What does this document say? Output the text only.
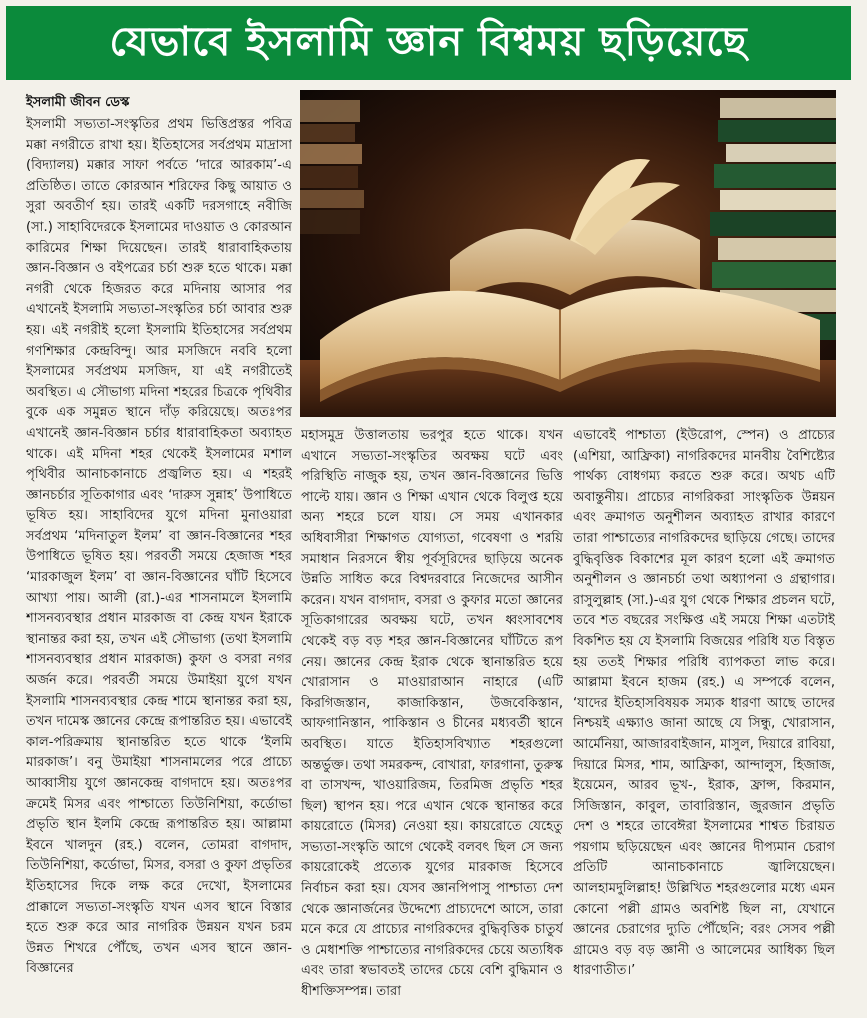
যেভাবে ইসলামি জ্ঞান বিশ্বময় ছড়িয়েছে
ইসলামী জীবন ডেস্ক

ইসলামী সভ্যতা-সংস্কৃতির প্রথম ভিত্তিপ্রস্তর পবিত্র মক্কা নগরীতে রাখা হয়। ইতিহাসের সর্বপ্রথম মাদ্রাসা (বিদ্যালয়) মক্কার সাফা পর্বতে ‘দারে আরকাম’-এ প্রতিষ্ঠিত। তাতে কোরআন শরিফের কিছু আয়াত ও সুরা অবতীর্ণ হয়। তারই একটি দরসগাহে নবীজি (সা.) সাহাবিদেরকে ইসলামের দাওয়াত ও কোরআন কারিমের শিক্ষা দিয়েছেন। তারই ধারাবাহিকতায় জ্ঞান-বিজ্ঞান ও বইপত্রের চর্চা শুরু হতে থাকে। মক্কা নগরী থেকে হিজরত করে মদিনায় আসার পর এখানেই ইসলামি সভ্যতা-সংস্কৃতির চর্চা আবার শুরু হয়। এই নগরীই হলো ইসলামি ইতিহাসের সর্বপ্রথম গণশিক্ষার কেন্দ্রবিন্দু। আর মসজিদে নববি হলো ইসলামের সর্বপ্রথম মসজিদ, যা এই নগরীতেই অবস্থিত। এ সৌভাগ্য মদিনা শহরের চিত্রকে পৃথিবীর বুকে এক সমুন্নত স্থানে দাঁড় করিয়েছে। অতঃপর এখানেই জ্ঞান-বিজ্ঞান চর্চার ধারাবাহিকতা অব্যাহত থাকে। এই মদিনা শহর থেকেই ইসলামের মশাল পৃথিবীর আনাচকানাচে প্রজ্বলিত হয়। এ শহরই জ্ঞানচর্চার সূতিকাগার এবং ‘দারুস সুন্নাহ’ উপাধিতে ভূষিত হয়। সাহাবিদের যুগে মদিনা মুনাওয়ারা সর্বপ্রথম ‘মদিনাতুল ইলম’ বা জ্ঞান-বিজ্ঞানের শহর উপাধিতে ভূষিত হয়। পরবর্তী সময়ে হেজাজ শহর ‘মারকাজুল ইলম’ বা জ্ঞান-বিজ্ঞানের ঘাঁটি হিসেবে আখ্যা পায়। আলী (রা.)-এর শাসনামলে ইসলামি শাসনব্যবস্থার প্রধান মারকাজ বা কেন্দ্র যখন ইরাকে স্থানান্তর করা হয়, তখন এই সৌভাগ্য (তথা ইসলামি শাসনব্যবস্থার প্রধান মারকাজ) কুফা ও বসরা নগর অর্জন করে। পরবর্তী সময়ে উমাইয়া যুগে যখন ইসলামি শাসনব্যবস্থার কেন্দ্র শামে স্থানান্তর করা হয়, তখন দামেস্ক জ্ঞানের কেন্দ্রে রূপান্তরিত হয়। এভাবেই কাল-পরিক্রমায় স্থানান্তরিত হতে থাকে ‘ইলমি মারকাজ’। বনু উমাইয়া শাসনামলের পরে প্রাচ্যে আব্বাসীয় যুগে জ্ঞানকেন্দ্র বাগদাদে হয়। অতঃপর ক্রমেই মিসর এবং পাশ্চাত্যে তিউনিশিয়া, কর্ডোভা প্রভৃতি স্থান ইলমি কেন্দ্রে রূপান্তরিত হয়। আল্লামা ইবনে খালদুন (রহ.) বলেন, তোমরা বাগদাদ, তিউনিশিয়া, কর্ডোভা, মিসর, বসরা ও কুফা প্রভৃতির ইতিহাসের দিকে লক্ষ করে দেখো, ইসলামের প্রাক্কালে সভ্যতা-সংস্কৃতি যখন এসব স্থানে বিস্তার হতে শুরু করে আর নাগরিক উন্নয়ন যখন চরম উন্নত শিখরে পৌঁছে, তখন এসব স্থানে জ্ঞান-বিজ্ঞানের

মহাসমুদ্র উত্তালতায় ভরপুর হতে থাকে। যখন এখানে সভ্যতা-সংস্কৃতির অবক্ষয় ঘটে এবং পরিস্থিতি নাজুক হয়, তখন জ্ঞান-বিজ্ঞানের ভিত্তি পাল্টে যায়। জ্ঞান ও শিক্ষা এখান থেকে বিলুপ্ত হয়ে অন্য শহরে চলে যায়। সে সময় এখানকার অধিবাসীরা শিক্ষাগত যোগ্যতা, গবেষণা ও শরয়ি সমাধান নিরসনে স্বীয় পূর্বসূরিদের ছাড়িয়ে অনেক উন্নতি সাধিত করে বিশ্বদরবারে নিজেদের আসীন করেন। যখন বাগদাদ, বসরা ও কুফার মতো জ্ঞানের সূতিকাগারের অবক্ষয় ঘটে, তখন ধ্বংসাবশেষ থেকেই বড় বড় শহর জ্ঞান-বিজ্ঞানের ঘাঁটিতে রূপ নেয়। জ্ঞানের কেন্দ্র ইরাক থেকে স্থানান্তরিত হয়ে খোরাসান ও মাওয়ারাআন নাহারে (এটি কিরগিজস্তান, কাজাকিস্তান, উজবেকিস্তান, আফগানিস্তান, পাকিস্তান ও চীনের মধ্যবর্তী স্থানে অবস্থিত। যাতে ইতিহাসবিখ্যাত শহরগুলো অন্তর্ভুক্ত। তথা সমরকন্দ, বোখারা, ফারগানা, তুরুস্ক বা তাসখন্দ, খাওয়ারিজম, তিরমিজ প্রভৃতি শহর ছিল) স্থাপন হয়। পরে এখান থেকে স্থানান্তর করে কায়রোতে (মিসর) নেওয়া হয়। কায়রোতে যেহেতু সভ্যতা-সংস্কৃতি আগে থেকেই বলবৎ ছিল সে জন্য কায়রোকেই প্রত্যেক যুগের মারকাজ হিসেবে নির্বাচন করা হয়। যেসব জ্ঞানপিপাসু পাশ্চাত্য দেশ থেকে জ্ঞানার্জনের উদ্দেশ্যে প্রাচ্যদেশে আসে, তারা মনে করে যে প্রাচ্যের নাগরিকদের বুদ্ধিবৃত্তিক চাতুর্য ও মেধাশক্তি পাশ্চাত্যের নাগরিকদের চেয়ে অত্যধিক এবং তারা স্বভাবতই তাদের চেয়ে বেশি বুদ্ধিমান ও ধীশক্তিসম্পন্ন। তারা

এভাবেই পাশ্চাত্য (ইউরোপ, স্পেন) ও প্রাচ্যের (এশিয়া, আফ্রিকা) নাগরিকদের মানবীয় বৈশিষ্ট্যের পার্থক্য বোধগম্য করতে শুরু করে। অথচ এটি অবান্তুনীয়। প্রাচ্যের নাগরিকরা সাংস্কৃতিক উন্নয়ন এবং ক্রমাগত অনুশীলন অব্যাহত রাখার কারণে তারা পাশ্চাত্যের নাগরিকদের ছাড়িয়ে গেছে। তাদের বুদ্ধিবৃত্তিক বিকাশের মূল কারণ হলো এই ক্রমাগত অনুশীলন ও জ্ঞানচর্চা তথা অধ্যাপনা ও গ্রন্থাগার। রাসুলুল্লাহ (সা.)-এর যুগ থেকে শিক্ষার প্রচলন ঘটে, তবে শত বছরের সংক্ষিপ্ত এই সময়ে শিক্ষা এতটাই বিকশিত হয় যে ইসলামি বিজয়ের পরিধি যত বিস্তৃত হয় ততই শিক্ষার পরিধি ব্যাপকতা লাভ করে। আল্লামা ইবনে হাজম (রহ.) এ সম্পর্কে বলেন, ‘যাদের ইতিহাসবিষয়ক সম্যক ধারণা আছে তাদের নিশ্চয়ই এক্ষ্যাও জানা আছে যে সিন্ধু, খোরাসান, আর্মেনিয়া, আজারবাইজান, মাসুল, দিয়ারে রাবিয়া, দিয়ারে মিসর, শাম, আফ্রিকা, আন্দালুস, হিজাজ, ইয়েমেন, আরব ভূখ-, ইরাক, ফ্রান্স, কিরমান, সিজিস্তান, কাবুল, তাবারিস্তান, জুরজান প্রভৃতি দেশ ও শহরে তাবেঈরা ইসলামের শাশ্বত চিরায়ত পয়গাম ছড়িয়েছেন এবং জ্ঞানের দীপ্যমান চেরাগ প্রতিটি আনাচকানাচে জ্বালিয়েছেন। আলহামদুলিল্লাহ! উল্লিখিত শহরগুলোর মধ্যে এমন কোনো পল্লী গ্রামও অবশিষ্ট ছিল না, যেখানে জ্ঞানের চেরাগের দ্যুতি পৌঁছেনি; বরং সেসব পল্লী গ্রামেও বড় বড় জ্ঞানী ও আলেমের আধিক্য ছিল ধারণাতীত।’
